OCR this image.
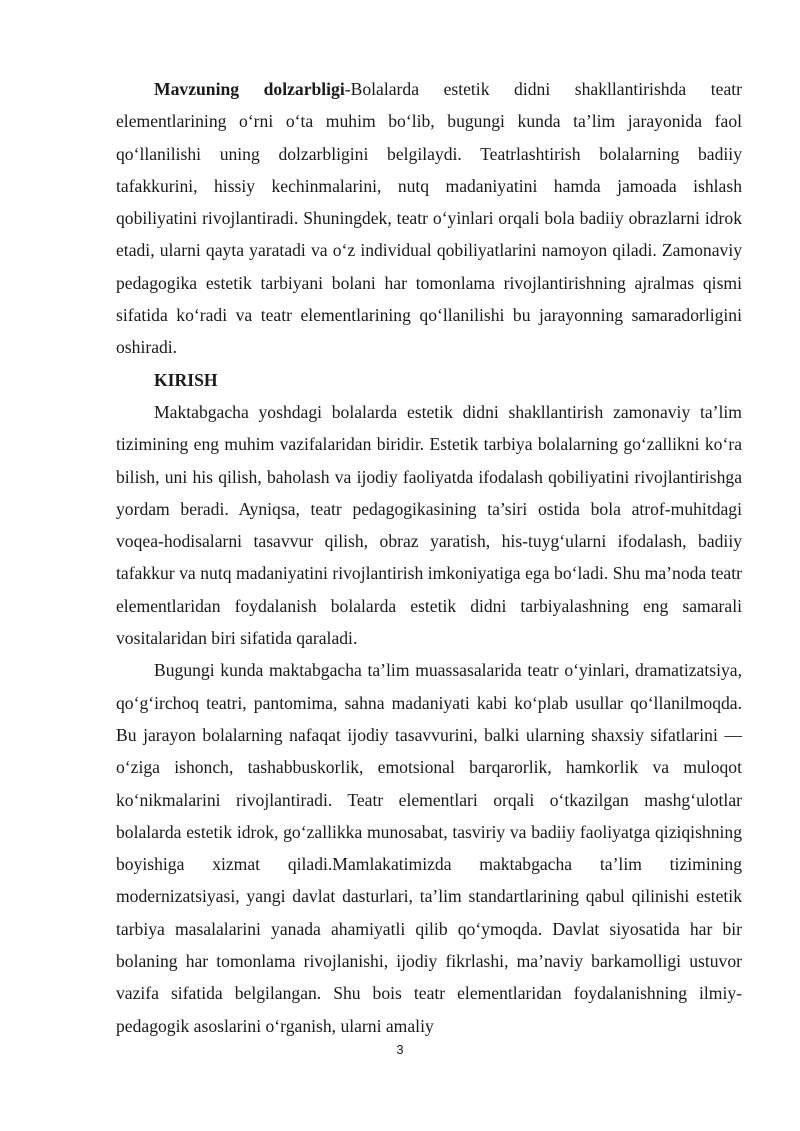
Mavzuning dolzarbligi-Bolalarda estetik didni shakllantirishda teatr elementlarining o‘rni o‘ta muhim bo‘lib, bugungi kunda ta’lim jarayonida faol qo‘llanilishi uning dolzarbligini belgilaydi. Teatrlashtirish bolalarning badiiy tafakkurini, hissiy kechinmalarini, nutq madaniyatini hamda jamoada ishlash qobiliyatini rivojlantiradi. Shuningdek, teatr o‘yinlari orqali bola badiiy obrazlarni idrok etadi, ularni qayta yaratadi va o‘z individual qobiliyatlarini namoyon qiladi. Zamonaviy pedagogika estetik tarbiyani bolani har tomonlama rivojlantirishning ajralmas qismi sifatida ko‘radi va teatr elementlarining qo‘llanilishi bu jarayonning samaradorligini oshiradi.

KIRISH

Maktabgacha yoshdagi bolalarda estetik didni shakllantirish zamonaviy ta’lim tizimining eng muhim vazifalaridan biridir. Estetik tarbiya bolalarning go‘zallikni ko‘ra bilish, uni his qilish, baholash va ijodiy faoliyatda ifodalash qobiliyatini rivojlantirishga yordam beradi. Ayniqsa, teatr pedagogikasining ta’siri ostida bola atrof-muhitdagi voqea-hodisalarni tasavvur qilish, obraz yaratish, his-tuyg‘ularni ifodalash, badiiy tafakkur va nutq madaniyatini rivojlantirish imkoniyatiga ega bo‘ladi. Shu ma’noda teatr elementlaridan foydalanish bolalarda estetik didni tarbiyalashning eng samarali vositalaridan biri sifatida qaraladi.

Bugungi kunda maktabgacha ta’lim muassasalarida teatr o‘yinlari, dramatizatsiya, qo‘g‘irchoq teatri, pantomima, sahna madaniyati kabi ko‘plab usullar qo‘llanilmoqda. Bu jarayon bolalarning nafaqat ijodiy tasavvurini, balki ularning shaxsiy sifatlarini — o‘ziga ishonch, tashabbuskorlik, emotsional barqarorlik, hamkorlik va muloqot ko‘nikmalarini rivojlantiradi. Teatr elementlari orqali o‘tkazilgan mashg‘ulotlar bolalarda estetik idrok, go‘zallikka munosabat, tasviriy va badiiy faoliyatga qiziqishning boyishiga xizmat qiladi.Mamlakatimizda maktabgacha ta’lim tizimining modernizatsiyasi, yangi davlat dasturlari, ta’lim standartlarining qabul qilinishi estetik tarbiya masalalarini yanada ahamiyatli qilib qo‘ymoqda. Davlat siyosatida har bir bolaning har tomonlama rivojlanishi, ijodiy fikrlashi, ma’naviy barkamolligi ustuvor vazifa sifatida belgilangan. Shu bois teatr elementlaridan foydalanishning ilmiy-pedagogik asoslarini o‘rganish, ularni amaliy

3
